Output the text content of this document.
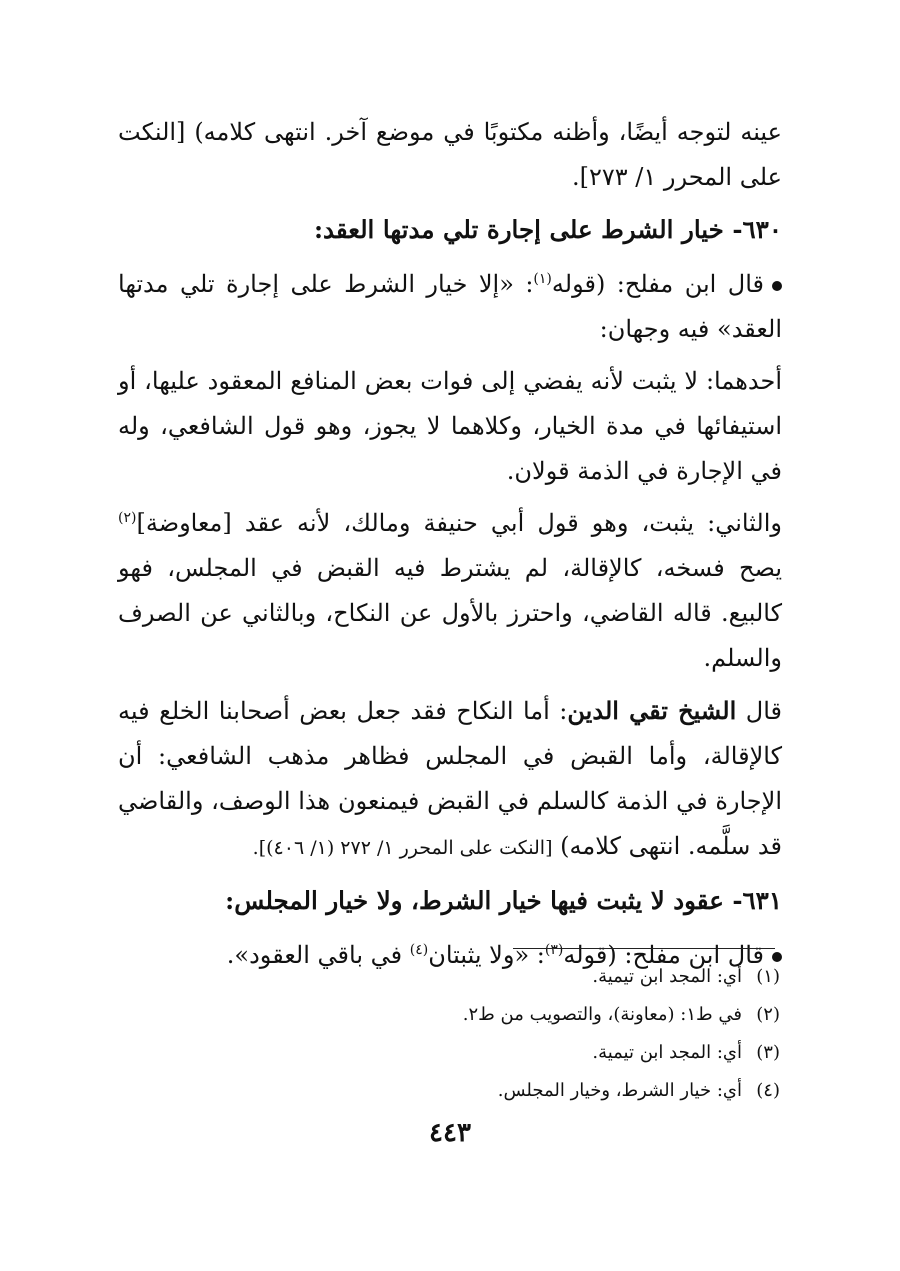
عينه لتوجه أيضًا، وأظنه مكتوبًا في موضع آخر. انتهى كلامه) [النكت على المحرر ١/ ٢٧٣].

٦٣٠- خيار الشرط على إجارة تلي مدتها العقد:

قال ابن مفلح: (قوله$^{(١)}$: «إلا خيار الشرط على إجارة تلي مدتها العقد» فيه وجهان:

أحدهما: لا يثبت لأنه يفضي إلى فوات بعض المنافع المعقود عليها، أو استيفائها في مدة الخيار، وكلاهما لا يجوز، وهو قول الشافعي، وله في الإجارة في الذمة قولان.

والثاني: يثبت، وهو قول أبي حنيفة ومالك، لأنه عقد [معاوضة]$^{(٢)}$ يصح فسخه، كالإقالة، لم يشترط فيه القبض في المجلس، فهو كالبيع. قاله القاضي، واحترز بالأول عن النكاح، وبالثاني عن الصرف والسلم.

قال الشيخ تقي الدين: أما النكاح فقد جعل بعض أصحابنا الخلع فيه كالإقالة، وأما القبض في المجلس فظاهر مذهب الشافعي: أن الإجارة في الذمة كالسلم في القبض فيمنعون هذا الوصف، والقاضي قد سلَّمه. انتهى كلامه) [النكت على المحرر ١/ ٢٧٢ (١/ ٤٠٦)].

٦٣١- عقود لا يثبت فيها خيار الشرط، ولا خيار المجلس:

قال ابن مفلح: (قوله$^{(٣)}$: «ولا يثبتان$^{(٤)}$ في باقي العقود».

(١)أي: المجد ابن تيمية.

(٢)في ط١: (معاونة)، والتصويب من ط٢.

(٣)أي: المجد ابن تيمية.

(٤)أي: خيار الشرط، وخيار المجلس.

٤٤٣
